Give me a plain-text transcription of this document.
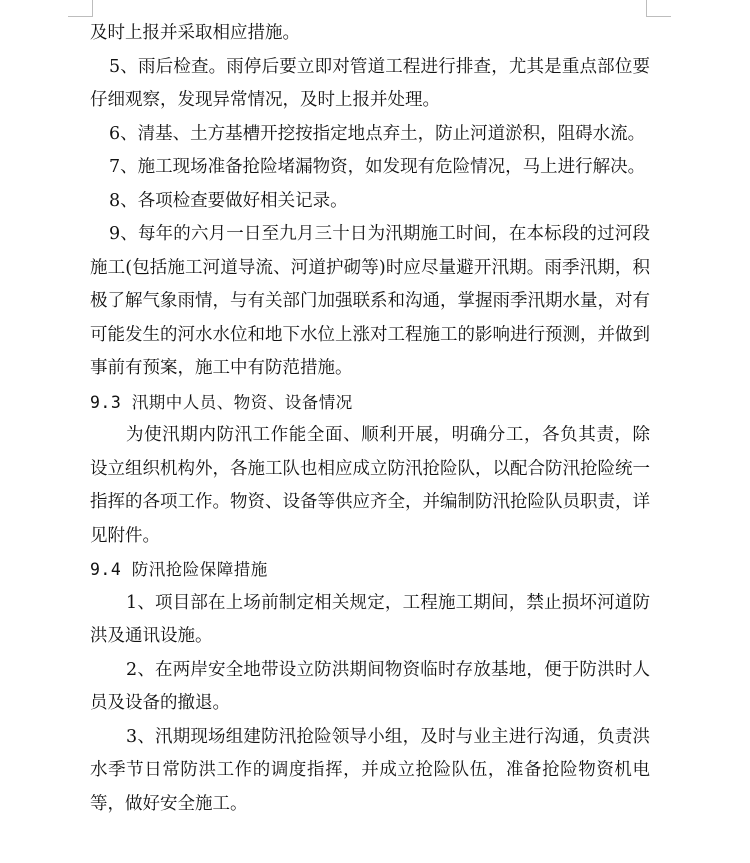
及时上报并采取相应措施。

5、雨后检查。雨停后要立即对管道工程进行排查，尤其是重点部位要仔细观察，发现异常情况，及时上报并处理。

6、清基、土方基槽开挖按指定地点弃土，防止河道淤积，阻碍水流。

7、施工现场准备抢险堵漏物资，如发现有危险情况，马上进行解决。

8、各项检查要做好相关记录。

9、每年的六月一日至九月三十日为汛期施工时间，在本标段的过河段施工(包括施工河道导流、河道护砌等)时应尽量避开汛期。雨季汛期，积极了解气象雨情，与有关部门加强联系和沟通，掌握雨季汛期水量，对有可能发生的河水水位和地下水位上涨对工程施工的影响进行预测，并做到事前有预案，施工中有防范措施。

9.3 汛期中人员、物资、设备情况

为使汛期内防汛工作能全面、顺利开展，明确分工，各负其责，除设立组织机构外，各施工队也相应成立防汛抢险队，以配合防汛抢险统一指挥的各项工作。物资、设备等供应齐全，并编制防汛抢险队员职责，详见附件。

9.4 防汛抢险保障措施

1、项目部在上场前制定相关规定，工程施工期间，禁止损坏河道防洪及通讯设施。

2、在两岸安全地带设立防洪期间物资临时存放基地，便于防洪时人员及设备的撤退。

3、汛期现场组建防汛抢险领导小组，及时与业主进行沟通，负责洪水季节日常防洪工作的调度指挥，并成立抢险队伍，准备抢险物资机电等，做好安全施工。
